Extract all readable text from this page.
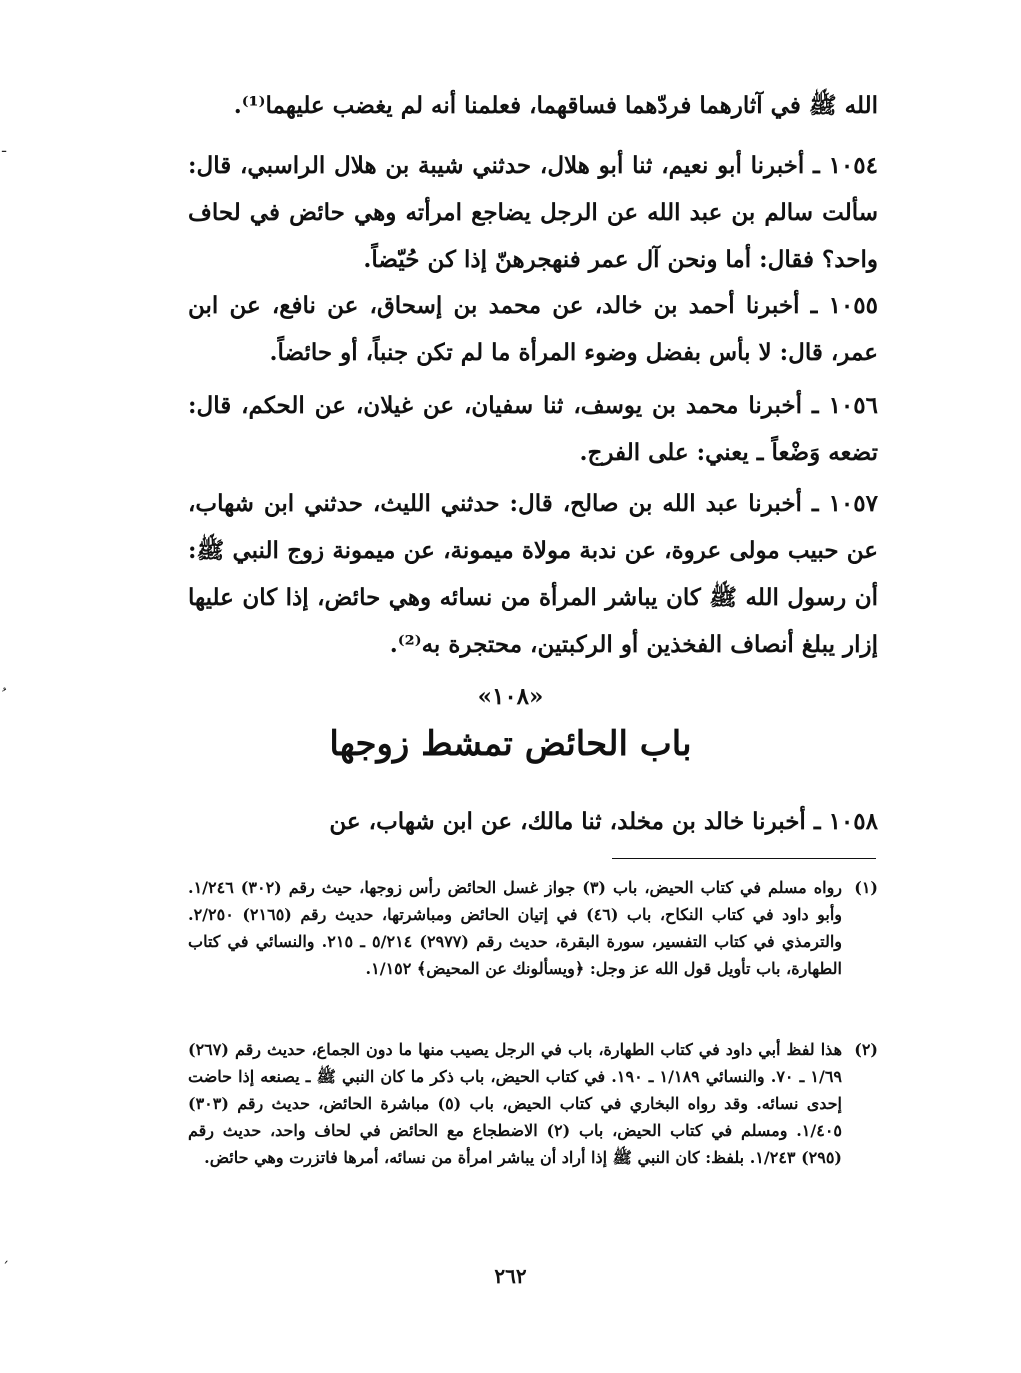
الله ﷺ في آثارهما فردّهما فساقهما، فعلمنا أنه لم يغضب عليهما⁽¹⁾.
١٠٥٤ ـ أخبرنا أبو نعيم، ثنا أبو هلال، حدثني شيبة بن هلال الراسبي، قال: سألت سالم بن عبد الله عن الرجل يضاجع امرأته وهي حائض في لحاف واحد؟ فقال: أما ونحن آل عمر فنهجرهنّ إذا كن حُيّضاً.
١٠٥٥ ـ أخبرنا أحمد بن خالد، عن محمد بن إسحاق، عن نافع، عن ابن عمر، قال: لا بأس بفضل وضوء المرأة ما لم تكن جنباً، أو حائضاً.
١٠٥٦ ـ أخبرنا محمد بن يوسف، ثنا سفيان، عن غيلان، عن الحكم، قال: تضعه وَضْعاً ـ يعني: على الفرج.
١٠٥٧ ـ أخبرنا عبد الله بن صالح، قال: حدثني الليث، حدثني ابن شهاب، عن حبيب مولى عروة، عن ندبة مولاة ميمونة، عن ميمونة زوج النبي ﷺ: أن رسول الله ﷺ كان يباشر المرأة من نسائه وهي حائض، إذا كان عليها إزار يبلغ أنصاف الفخذين أو الركبتين، محتجرة به⁽²⁾.
«١٠٨»
باب الحائض تمشط زوجها
١٠٥٨ ـ أخبرنا خالد بن مخلد، ثنا مالك، عن ابن شهاب، عن
(١)
رواه مسلم في كتاب الحيض، باب (٣) جواز غسل الحائض رأس زوجها، حيث رقم (٣٠٢) ١/٢٤٦. وأبو داود في كتاب النكاح، باب (٤٦) في إتيان الحائض ومباشرتها، حديث رقم (٢١٦٥) ٢/٢٥٠. والترمذي في كتاب التفسير، سورة البقرة، حديث رقم (٢٩٧٧) ٥/٢١٤ ـ ٢١٥. والنسائي في كتاب الطهارة، باب تأويل قول الله عز وجل: ﴿ويسألونك عن المحيض﴾ ١/١٥٢.
(٢)
هذا لفظ أبي داود في كتاب الطهارة، باب في الرجل يصيب منها ما دون الجماع، حديث رقم (٢٦٧) ١/٦٩ ـ ٧٠. والنسائي ١/١٨٩ ـ ١٩٠. في كتاب الحيض، باب ذكر ما كان النبي ﷺ ـ يصنعه إذا حاضت إحدى نسائه. وقد رواه البخاري في كتاب الحيض، باب (٥) مباشرة الحائض، حديث رقم (٣٠٣) ١/٤٠٥. ومسلم في كتاب الحيض، باب (٢) الاضطجاع مع الحائض في لحاف واحد، حديث رقم (٢٩٥) ١/٢٤٣. بلفظ: كان النبي ﷺ إذا أراد أن يباشر امرأة من نسائه، أمرها فاتزرت وهي حائض.
٢٦٢
ـ
ﹸ
ˏ
